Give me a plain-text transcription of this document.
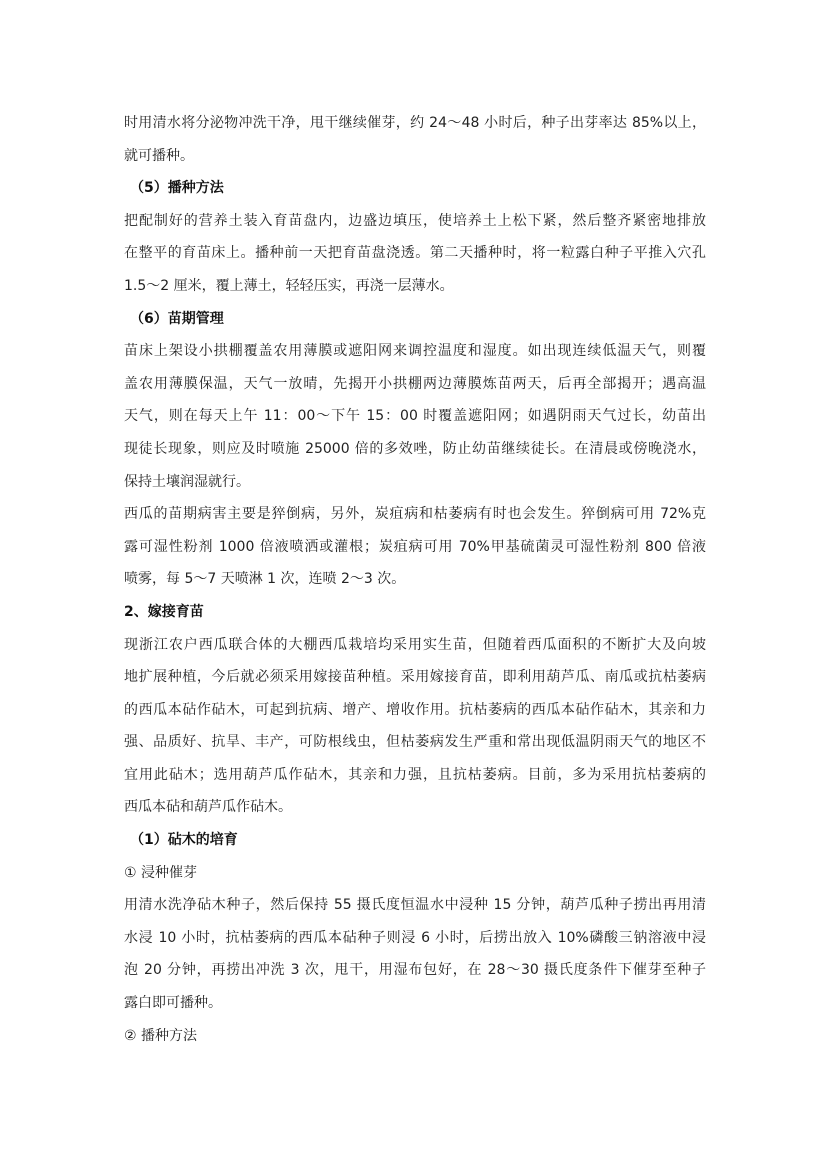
时用清水将分泌物冲洗干净，甩干继续催芽，约 24～48 小时后，种子出芽率达 85%以上，
就可播种。
（5）播种方法
把配制好的营养土装入育苗盘内，边盛边填压，使培养土上松下紧，然后整齐紧密地排放
在整平的育苗床上。播种前一天把育苗盘浇透。第二天播种时，将一粒露白种子平推入穴孔
1.5～2 厘米，覆上薄土，轻轻压实，再浇一层薄水。
（6）苗期管理
苗床上架设小拱棚覆盖农用薄膜或遮阳网来调控温度和湿度。如出现连续低温天气，则覆
盖农用薄膜保温，天气一放晴，先揭开小拱棚两边薄膜炼苗两天，后再全部揭开；遇高温
天气，则在每天上午 11：00～下午 15：00 时覆盖遮阳网；如遇阴雨天气过长，幼苗出
现徒长现象，则应及时喷施 25000 倍的多效唑，防止幼苗继续徒长。在清晨或傍晚浇水，
保持土壤润湿就行。
西瓜的苗期病害主要是猝倒病，另外，炭疽病和枯萎病有时也会发生。猝倒病可用 72%克
露可湿性粉剂 1000 倍液喷洒或灌根；炭疽病可用 70%甲基硫菌灵可湿性粉剂 800 倍液
喷雾，每 5～7 天喷淋 1 次，连喷 2～3 次。
2、嫁接育苗
现浙江农户西瓜联合体的大棚西瓜栽培均采用实生苗，但随着西瓜面积的不断扩大及向坡
地扩展种植，今后就必须采用嫁接苗种植。采用嫁接育苗，即利用葫芦瓜、南瓜或抗枯萎病
的西瓜本砧作砧木，可起到抗病、增产、增收作用。抗枯萎病的西瓜本砧作砧木，其亲和力
强、品质好、抗旱、丰产，可防根线虫，但枯萎病发生严重和常出现低温阴雨天气的地区不
宜用此砧木；选用葫芦瓜作砧木，其亲和力强，且抗枯萎病。目前，多为采用抗枯萎病的
西瓜本砧和葫芦瓜作砧木。
（1）砧木的培育
① 浸种催芽
用清水洗净砧木种子，然后保持 55 摄氏度恒温水中浸种 15 分钟，葫芦瓜种子捞出再用清
水浸 10 小时，抗枯萎病的西瓜本砧种子则浸 6 小时，后捞出放入 10%磷酸三钠溶液中浸
泡 20 分钟，再捞出冲洗 3 次，甩干，用湿布包好，在 28～30 摄氏度条件下催芽至种子
露白即可播种。
② 播种方法
